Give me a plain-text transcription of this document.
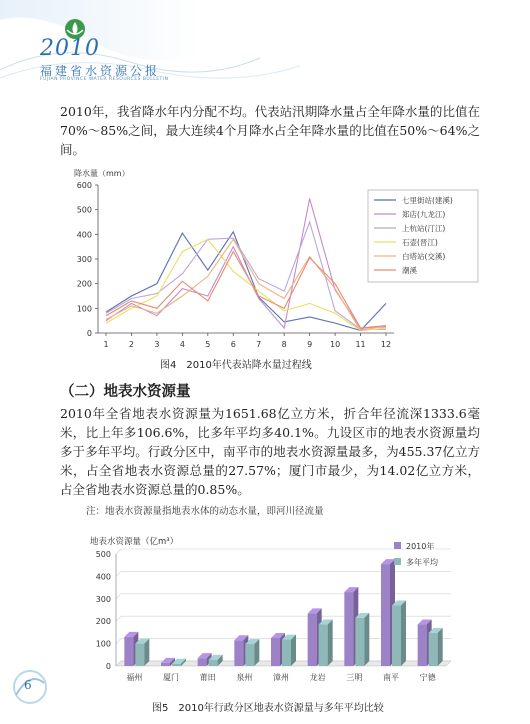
2010
福建省水资源公报
FUJIAN PROVINCE WATER RESOURCES BULLETIN
2010年，我省降水年内分配不均。代表站汛期降水量占全年降水量的比值在70%～85%之间，最大连续4个月降水占全年降水量的比值在50%～64%之间。
降水量（mm）
0
100
200
300
400
500
600
1	2	3	4	5	6	7	8	9 10 11 12
七里街站(建溪)
郑店(九龙江)
上杭站(汀江)
石壶(晋江)
白塔站(交溪)
潮溪
图4　2010年代表站降水量过程线
（二）地表水资源量
2010年全省地表水资源量为1651.68亿立方米，折合年径流深1333.6毫米，比上年多106.6%，比多年平均多40.1%。九设区市的地表水资源量均多于多年平均。行政分区中，南平市的地表水资源量最多，为455.37亿立方米，占全省地表水资源总量的27.57%；厦门市最少，为14.02亿立方米，占全省地表水资源总量的0.85%。
注：地表水资源量指地表水体的动态水量，即河川径流量
地表水资源量（亿m³）
0
100
200
300
400
500
福州	厦门	莆田	泉州	漳州	龙岩	三明	南平	宁德
2010年
多年平均
图5　2010年行政分区地表水资源量与多年平均比较
6
